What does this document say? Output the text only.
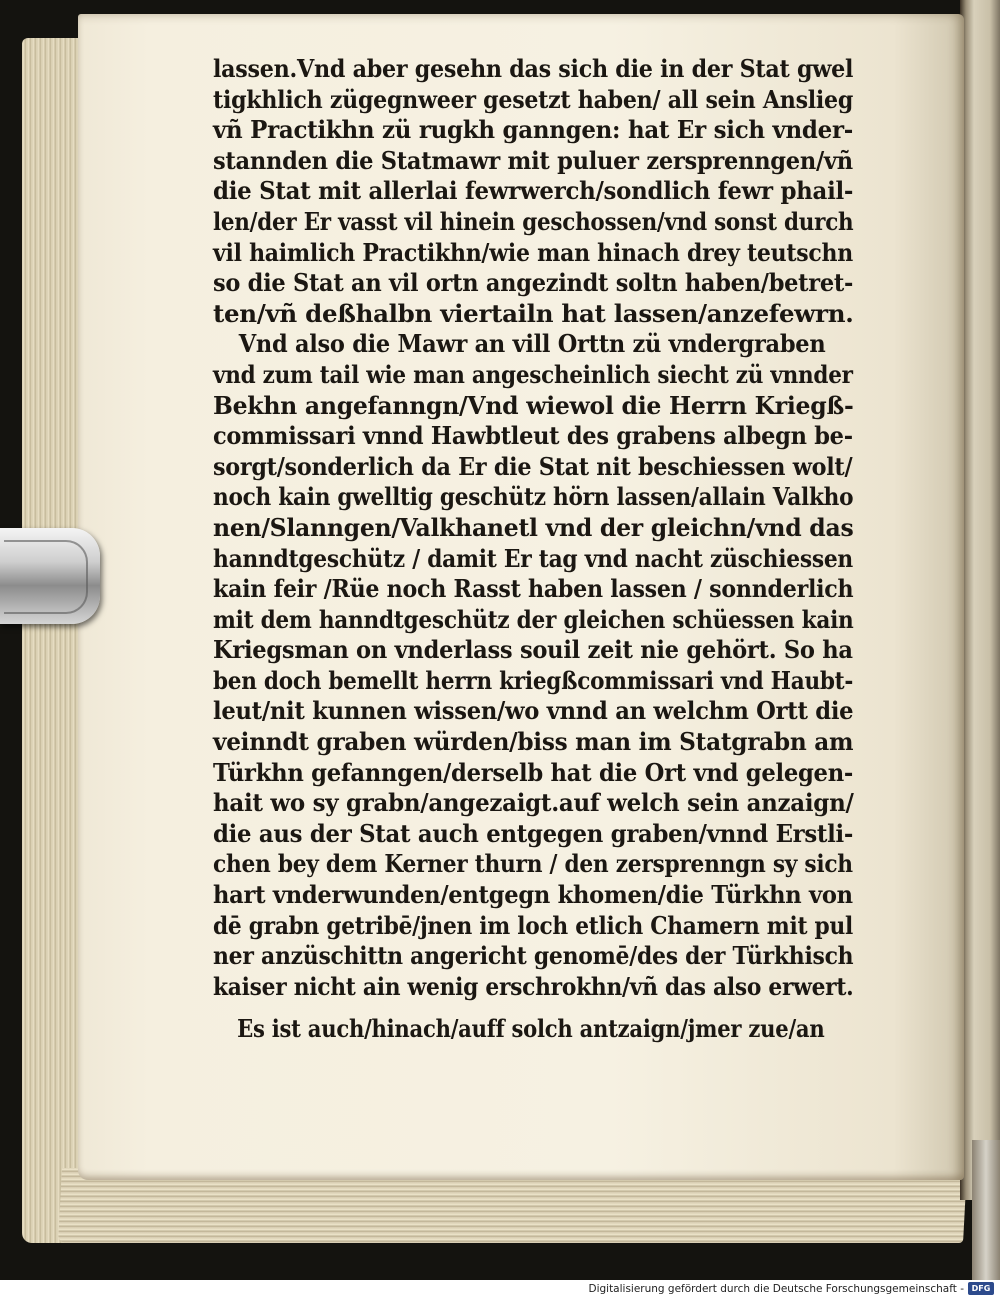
lassen.Vnd aber gesehn das sich die in der Stat gwel
tigkhlich zügegnweer gesetzt haben/ all sein Anslieg
vñ Practikhn zü rugkh ganngen: hat Er sich vnder-
stannden die Statmawr mit puluer zersprenngen/vñ
die Stat mit allerlai fewrwerch/sondlich fewr phail-
len/der Er vasst vil hinein geschossen/vnd sonst durch
vil haimlich Practikhn/wie man hinach drey teutschn
so die Stat an vil ortn angezindt soltn haben/betret-
ten/vñ deßhalbn viertailn hat lassen/anzefewrn.
Vnd also die Mawr an vill Orttn zü vndergraben
vnd zum tail wie man angescheinlich siecht zü vnnder
Bekhn angefanngn/Vnd wiewol die Herrn Kriegß-
commissari vnnd Hawbtleut des grabens albegn be-
sorgt/sonderlich da Er die Stat nit beschiessen wolt/
noch kain gwelltig geschütz hörn lassen/allain Valkho
nen/Slanngen/Valkhanetl vnd der gleichn/vnd das
hanndtgeschütz / damit Er tag vnd nacht züschiessen
kain feir /Rüe noch Rasst haben lassen / sonnderlich
mit dem hanndtgeschütz der gleichen schüessen kain
Kriegsman on vnderlass souil zeit nie gehört. So ha
ben doch bemellt herrn kriegßcommissari vnd Haubt-
leut/nit kunnen wissen/wo vnnd an welchm Ortt die
veinndt graben würden/biss man im Statgrabn am
Türkhn gefanngen/derselb hat die Ort vnd gelegen-
hait wo sy grabn/angezaigt.auf welch sein anzaign/
die aus der Stat auch entgegen graben/vnnd Erstli-
chen bey dem Kerner thurn / den zersprenngn sy sich
hart vnderwunden/entgegn khomen/die Türkhn von
dē grabn getribē/jnen im loch etlich Chamern mit pul
ner anzüschittn angericht genomē/des der Türkhisch
kaiser nicht ain wenig erschrokhn/vñ das also erwert.
Es ist auch/hinach/auff solch antzaign/jmer zue/an
Digitalisierung gefördert durch die Deutsche Forschungsgemeinschaft - DFG
